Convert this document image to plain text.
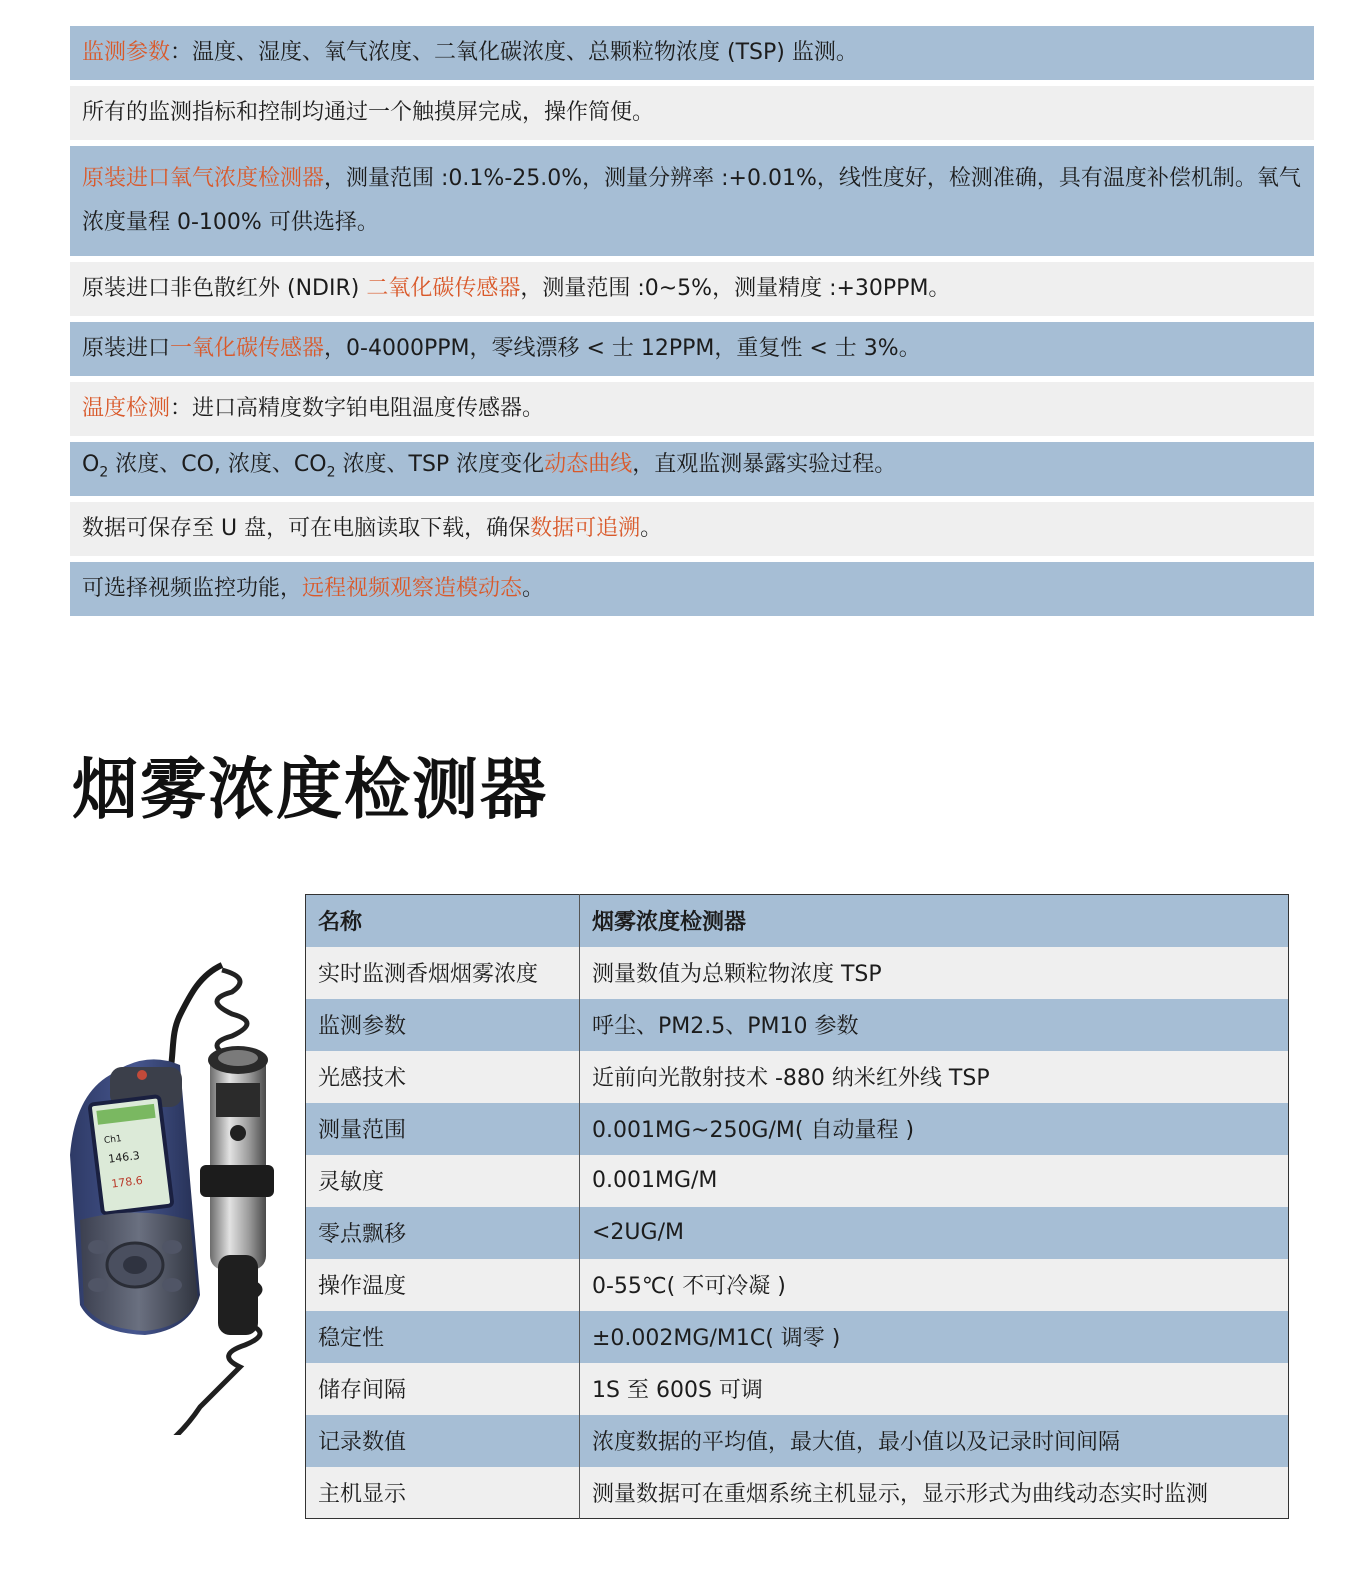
监测参数：温度、湿度、氧气浓度、二氧化碳浓度、总颗粒物浓度 (TSP) 监测。
所有的监测指标和控制均通过一个触摸屏完成，操作简便。
原装进口氧气浓度检测器，测量范围 :0.1%-25.0%，测量分辨率 :+0.01%，线性度好，检测准确，具有温度补偿机制。氧气浓度量程 0-100% 可供选择。
原装进口非色散红外 (NDIR) 二氧化碳传感器，测量范围 :0~5%，测量精度 :+30PPM。
原装进口一氧化碳传感器，0-4000PPM，零线漂移 < 士 12PPM，重复性 < 士 3%。
温度检测：进口高精度数字铂电阻温度传感器。
$O_2$ 浓度、CO, 浓度、$CO_2$ 浓度、TSP 浓度变化动态曲线，直观监测暴露实验过程。
数据可保存至 U 盘，可在电脑读取下载，确保数据可追溯。
可选择视频监控功能，远程视频观察造模动态。
烟雾浓度检测器
Ch1
146.3
178.6
名称	烟雾浓度检测器
实时监测香烟烟雾浓度	测量数值为总颗粒物浓度 TSP
监测参数	呼尘、PM2.5、PM10 参数
光感技术	近前向光散射技术 -880 纳米红外线 TSP
测量范围	0.001MG~250G/M( 自动量程 )
灵敏度	0.001MG/M
零点飘移	<2UG/M
操作温度	0-55℃( 不可冷凝 )
稳定性	±0.002MG/M1C( 调零 )
储存间隔	1S 至 600S 可调
记录数值	浓度数据的平均值，最大值，最小值以及记录时间间隔
主机显示	测量数据可在重烟系统主机显示，显示形式为曲线动态实时监测
